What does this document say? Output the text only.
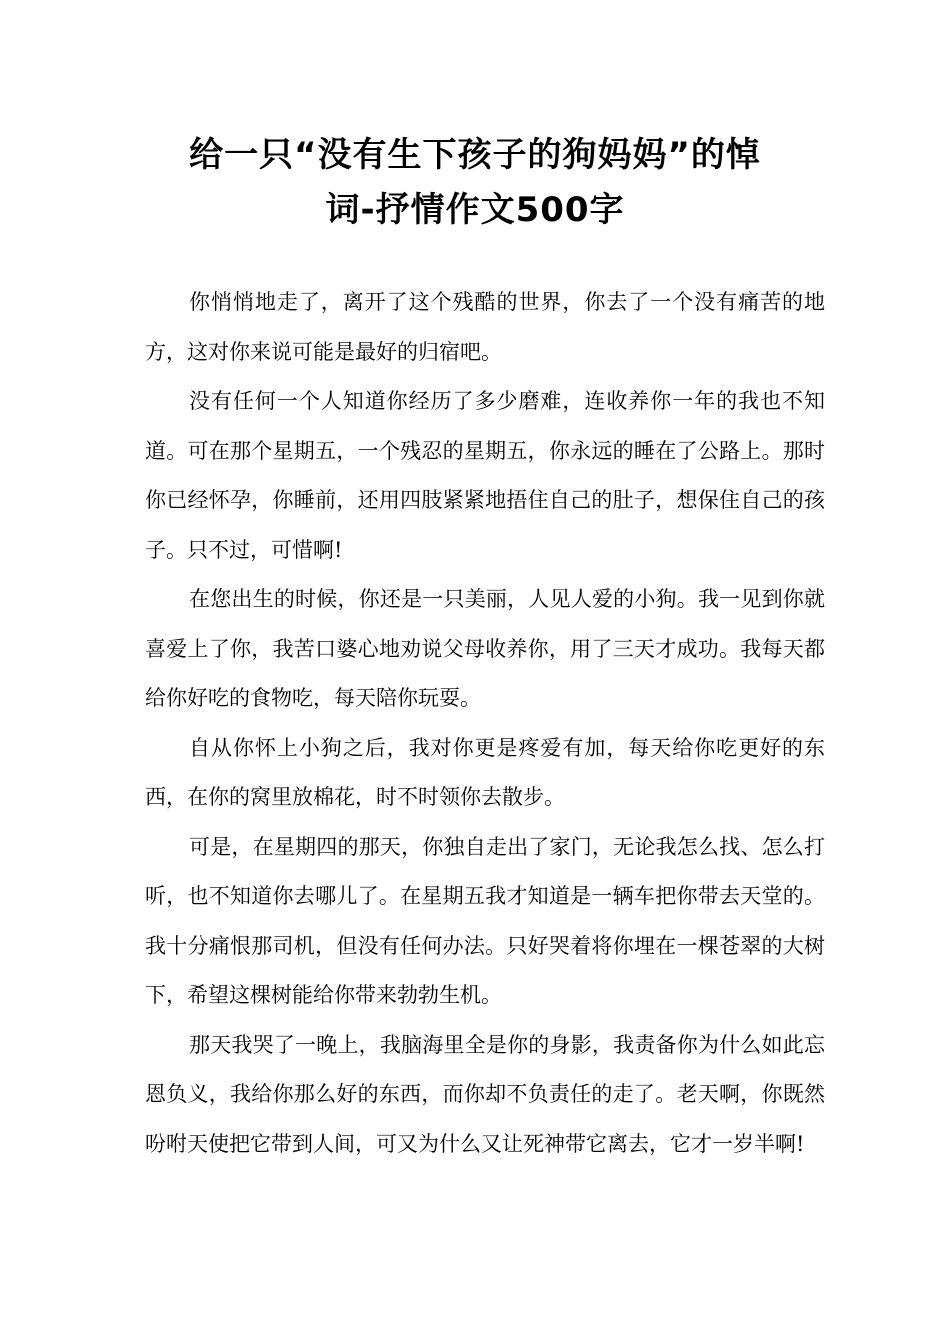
给一只“没有生下孩子的狗妈妈”的悼
词-抒情作文500字

你悄悄地走了，离开了这个残酷的世界，你去了一个没有痛苦的地方，这对你来说可能是最好的归宿吧。

没有任何一个人知道你经历了多少磨难，连收养你一年的我也不知道。可在那个星期五，一个残忍的星期五，你永远的睡在了公路上。那时你已经怀孕，你睡前，还用四肢紧紧地捂住自己的肚子，想保住自己的孩子。只不过，可惜啊!

在您出生的时候，你还是一只美丽，人见人爱的小狗。我一见到你就喜爱上了你，我苦口婆心地劝说父母收养你，用了三天才成功。我每天都给你好吃的食物吃，每天陪你玩耍。

自从你怀上小狗之后，我对你更是疼爱有加，每天给你吃更好的东西，在你的窝里放棉花，时不时领你去散步。

可是，在星期四的那天，你独自走出了家门，无论我怎么找、怎么打听，也不知道你去哪儿了。在星期五我才知道是一辆车把你带去天堂的。我十分痛恨那司机，但没有任何办法。只好哭着将你埋在一棵苍翠的大树下，希望这棵树能给你带来勃勃生机。

那天我哭了一晚上，我脑海里全是你的身影，我责备你为什么如此忘恩负义，我给你那么好的东西，而你却不负责任的走了。老天啊，你既然吩咐天使把它带到人间，可又为什么又让死神带它离去，它才一岁半啊!
